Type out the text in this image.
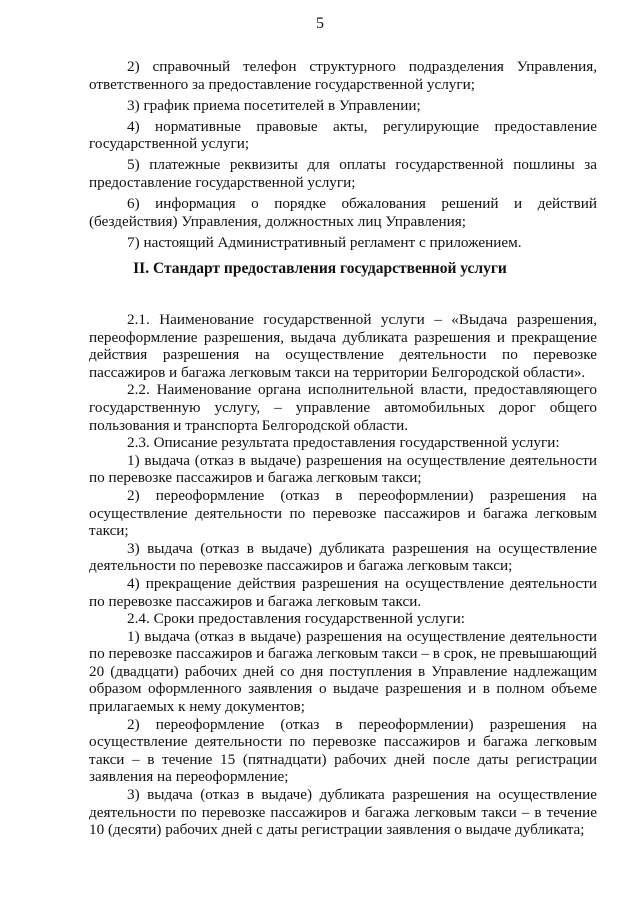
5

2) справочный телефон структурного подразделения Управления, ответственного за предоставление государственной услуги;

3) график приема посетителей в Управлении;

4) нормативные правовые акты, регулирующие предоставление государственной услуги;

5) платежные реквизиты для оплаты государственной пошлины за предоставление государственной услуги;

6) информация о порядке обжалования решений и действий (бездействия) Управления, должностных лиц Управления;

7) настоящий Административный регламент с приложением.

II. Стандарт предоставления государственной услуги

2.1. Наименование государственной услуги – «Выдача разрешения, переоформление разрешения, выдача дубликата разрешения и прекращение действия разрешения на осуществление деятельности по перевозке пассажиров и багажа легковым такси на территории Белгородской области».

2.2. Наименование органа исполнительной власти, предоставляющего государственную услугу, – управление автомобильных дорог общего пользования и транспорта Белгородской области.

2.3. Описание результата предоставления государственной услуги:

1) выдача (отказ в выдаче) разрешения на осуществление деятельности по перевозке пассажиров и багажа легковым такси;

2) переоформление (отказ в переоформлении) разрешения на осуществление деятельности по перевозке пассажиров и багажа легковым такси;

3) выдача (отказ в выдаче) дубликата разрешения на осуществление деятельности по перевозке пассажиров и багажа легковым такси;

4) прекращение действия разрешения на осуществление деятельности по перевозке пассажиров и багажа легковым такси.

2.4. Сроки предоставления государственной услуги:

1) выдача (отказ в выдаче) разрешения на осуществление деятельности по перевозке пассажиров и багажа легковым такси – в срок, не превышающий 20 (двадцати) рабочих дней со дня поступления в Управление надлежащим образом оформленного заявления о выдаче разрешения и в полном объеме прилагаемых к нему документов;

2) переоформление (отказ в переоформлении) разрешения на осуществление деятельности по перевозке пассажиров и багажа легковым такси – в течение 15 (пятнадцати) рабочих дней после даты регистрации заявления на переоформление;

3) выдача (отказ в выдаче) дубликата разрешения на осуществление деятельности по перевозке пассажиров и багажа легковым такси – в течение 10 (десяти) рабочих дней с даты регистрации заявления о выдаче дубликата;
